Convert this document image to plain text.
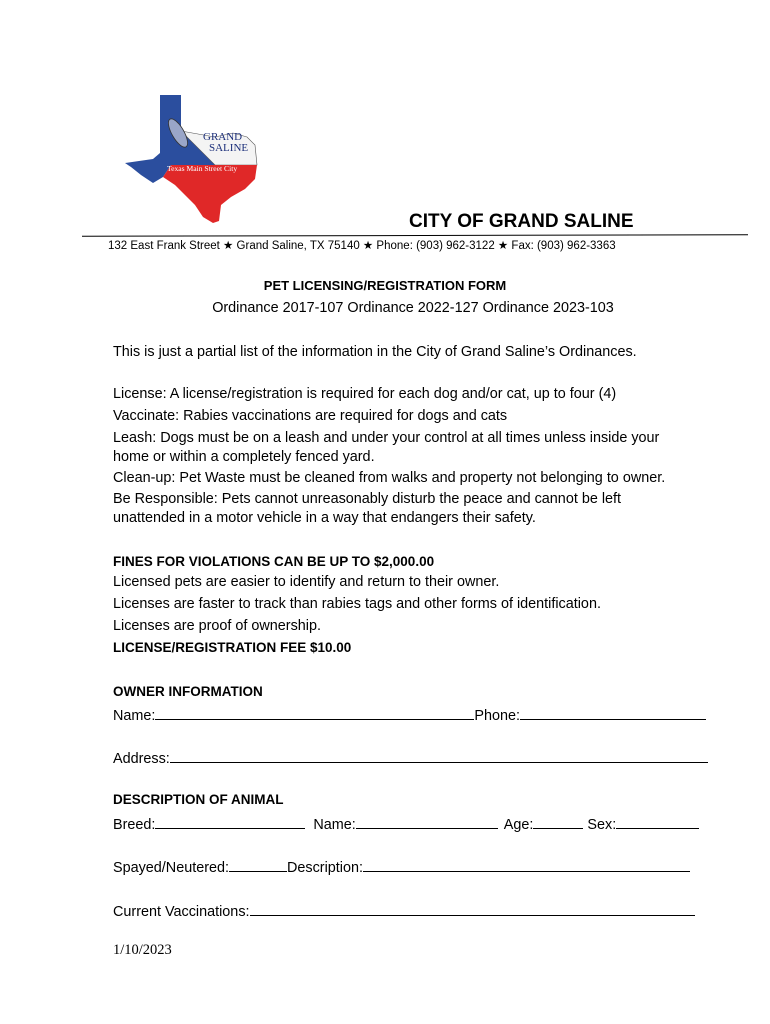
GRAND
SALINE
Texas Main Street City
CITY OF GRAND SALINE
132 East Frank Street ★ Grand Saline, TX 75140 ★ Phone: (903) 962-3122 ★ Fax: (903) 962-3363
PET LICENSING/REGISTRATION FORM
Ordinance 2017-107 Ordinance 2022-127 Ordinance 2023-103
This is just a partial list of the information in the City of Grand Saline’s Ordinances.
License: A license/registration is required for each dog and/or cat, up to four (4)
Vaccinate: Rabies vaccinations are required for dogs and cats
Leash: Dogs must be on a leash and under your control at all times unless inside your
home or within a completely fenced yard.
Clean-up: Pet Waste must be cleaned from walks and property not belonging to owner.
Be Responsible: Pets cannot unreasonably disturb the peace and cannot be left
unattended in a motor vehicle in a way that endangers their safety.
FINES FOR VIOLATIONS CAN BE UP TO $2,000.00
Licensed pets are easier to identify and return to their owner.
Licenses are faster to track than rabies tags and other forms of identification.
Licenses are proof of ownership.
LICENSE/REGISTRATION FEE $10.00
OWNER INFORMATION
Name:	Phone:
Address:
DESCRIPTION OF ANIMAL
Breed:	Name:	Age:	Sex:
Spayed/Neutered:	Description:
Current Vaccinations:
1/10/2023
